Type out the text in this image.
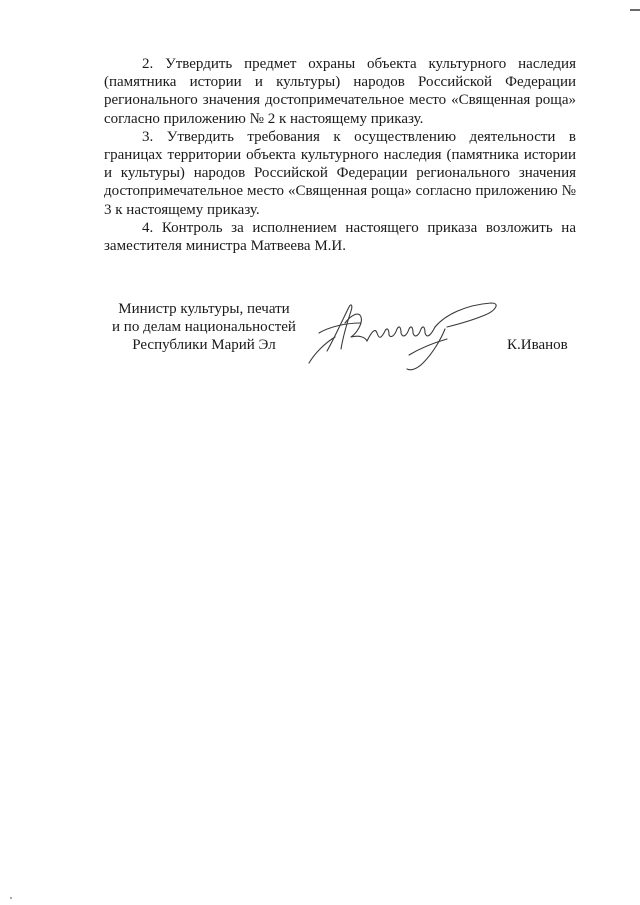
2. Утвердить предмет охраны объекта культурного наследия (памятника истории и культуры) народов Российской Федерации регионального значения достопримечательное место «Священная роща» согласно приложению № 2 к настоящему приказу.

3. Утвердить требования к осуществлению деятельности в границах территории объекта культурного наследия (памятника истории и культуры) народов Российской Федерации регионального значения достопримечательное место «Священная роща» согласно приложению № 3 к настоящему приказу.

4. Контроль за исполнением настоящего приказа возложить на заместителя министра Матвеева М.И.

Министр культуры, печати
и по делам национальностей
Республики Марий Эл	К.Иванов
